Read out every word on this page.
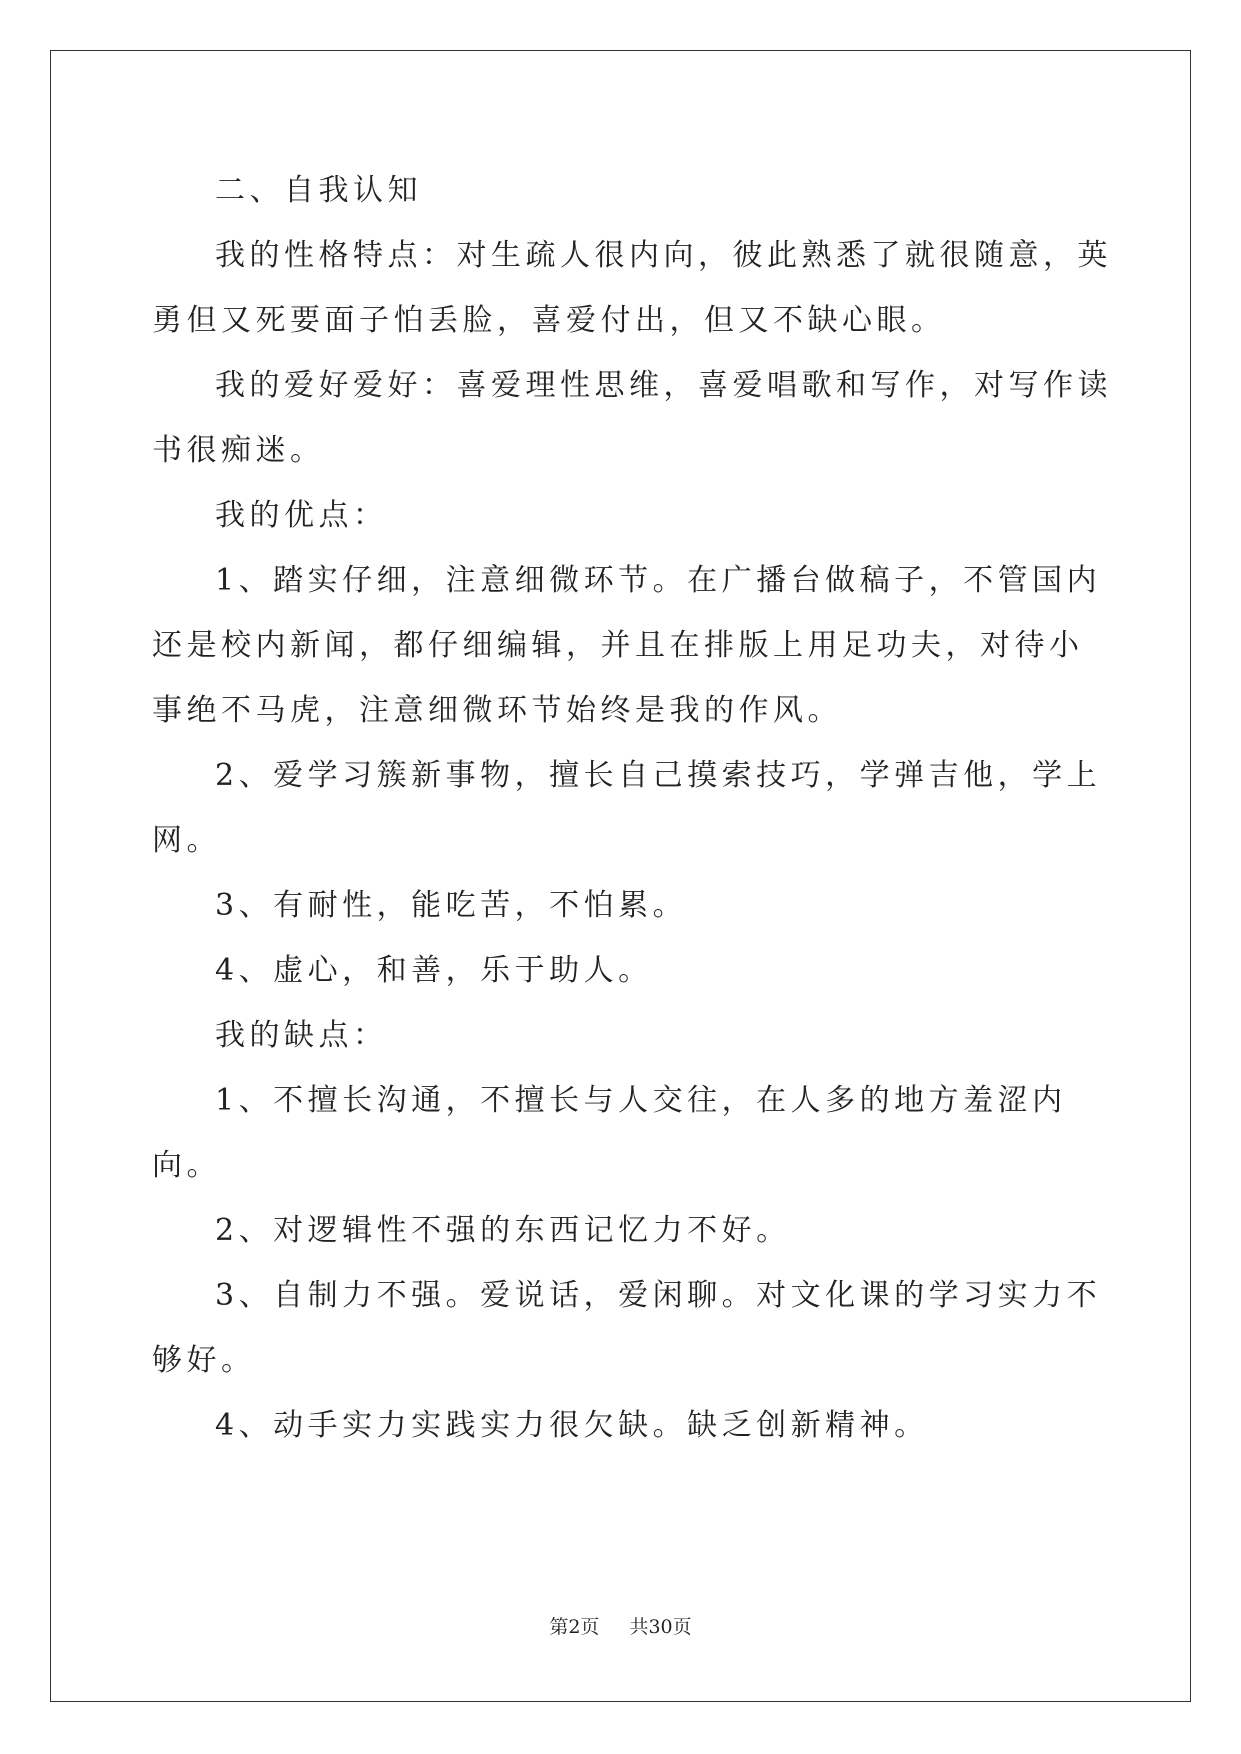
二、自我认知

我的性格特点：对生疏人很内向，彼此熟悉了就很随意，英勇但又死要面子怕丢脸，喜爱付出，但又不缺心眼。

我的爱好爱好：喜爱理性思维，喜爱唱歌和写作，对写作读书很痴迷。

我的优点：

1、踏实仔细，注意细微环节。在广播台做稿子，不管国内还是校内新闻，都仔细编辑，并且在排版上用足功夫，对待小事绝不马虎，注意细微环节始终是我的作风。

2、爱学习簇新事物，擅长自己摸索技巧，学弹吉他，学上网。

3、有耐性，能吃苦，不怕累。

4、虚心，和善，乐于助人。

我的缺点：

1、不擅长沟通，不擅长与人交往，在人多的地方羞涩内向。

2、对逻辑性不强的东西记忆力不好。

3、自制力不强。爱说话，爱闲聊。对文化课的学习实力不够好。

4、动手实力实践实力很欠缺。缺乏创新精神。

第2页 共30页
